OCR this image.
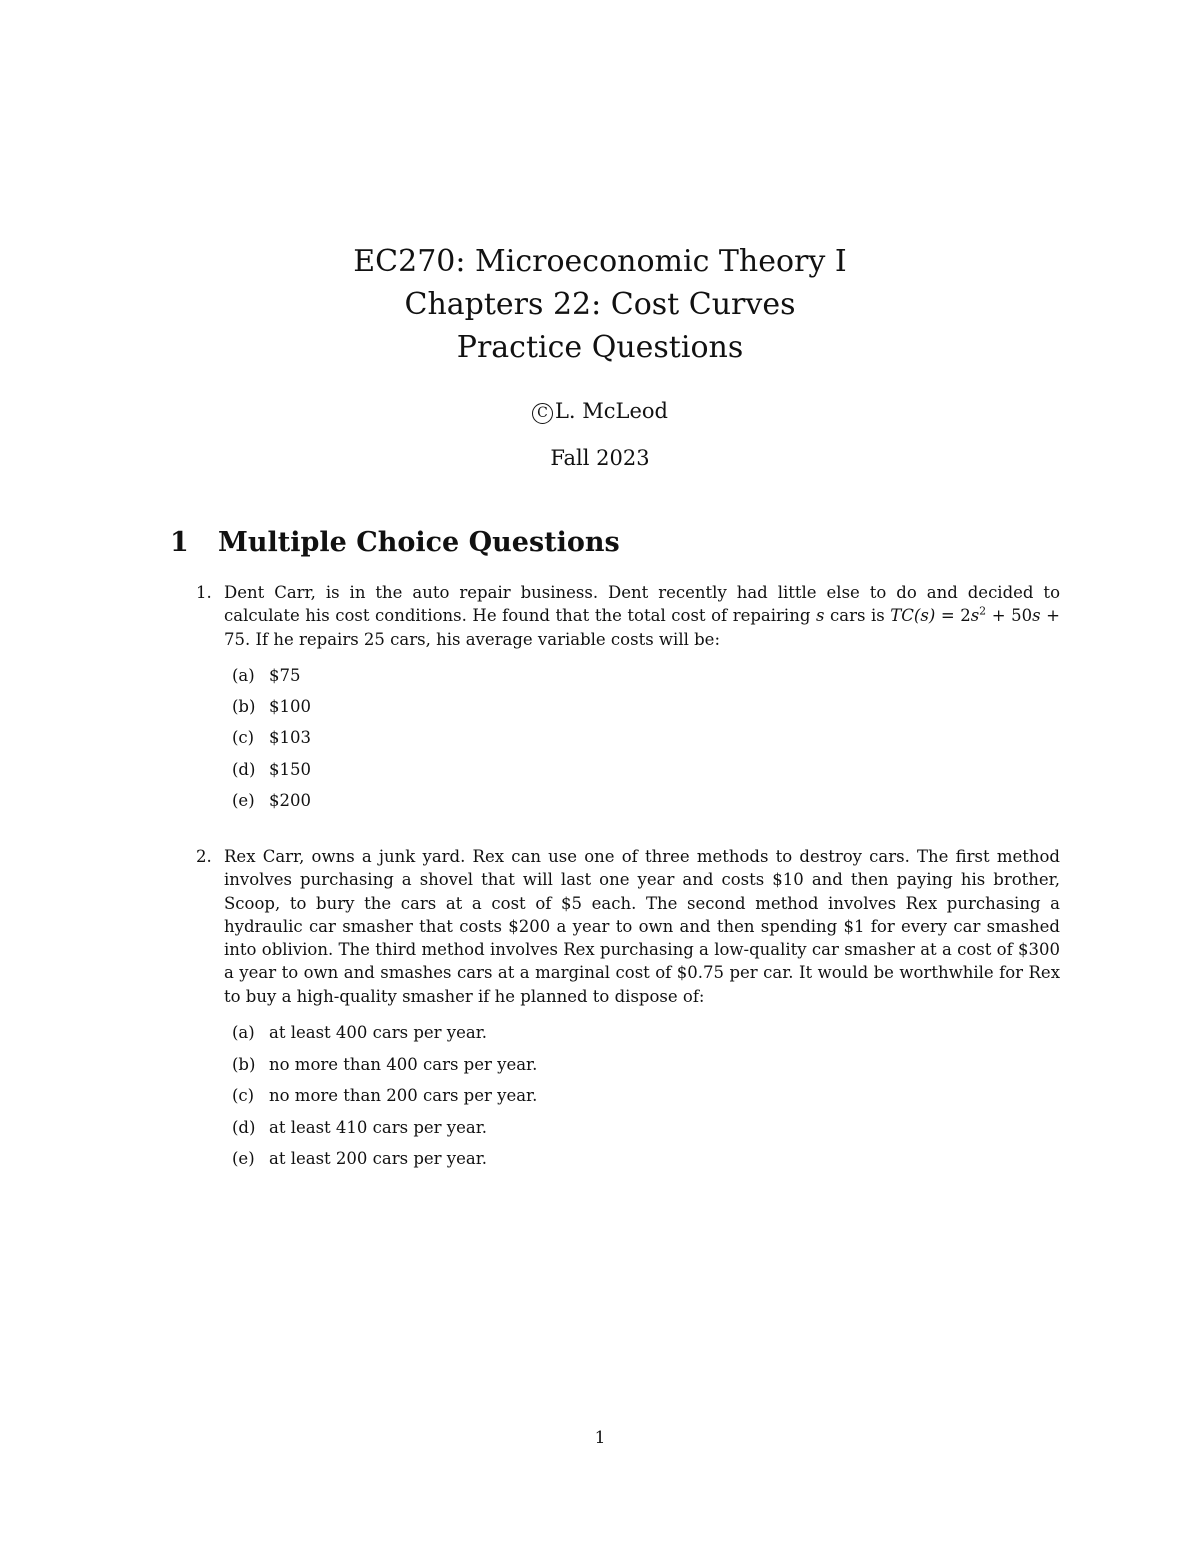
EC270: Microeconomic Theory I
Chapters 22: Cost Curves
Practice Questions
C L. McLeod
Fall 2023
1 Multiple Choice Questions
1. Dent Carr, is in the auto repair business. Dent recently had little else to do and decided to calculate his cost conditions. He found that the total cost of repairing s cars is $TC(s) = 2s^2 + 50s + 75$. If he repairs 25 cars, his average variable costs will be:
(a) $75
(b) $100
(c) $103
(d) $150
(e) $200
2. Rex Carr, owns a junk yard. Rex can use one of three methods to destroy cars. The first method involves purchasing a shovel that will last one year and costs $10 and then paying his brother, Scoop, to bury the cars at a cost of $5 each. The second method involves Rex purchasing a hydraulic car smasher that costs $200 a year to own and then spending $1 for every car smashed into oblivion. The third method involves Rex purchasing a low-quality car smasher at a cost of $300 a year to own and smashes cars at a marginal cost of $0.75 per car. It would be worthwhile for Rex to buy a high-quality smasher if he planned to dispose of:
(a) at least 400 cars per year.
(b) no more than 400 cars per year.
(c) no more than 200 cars per year.
(d) at least 410 cars per year.
(e) at least 200 cars per year.
1
